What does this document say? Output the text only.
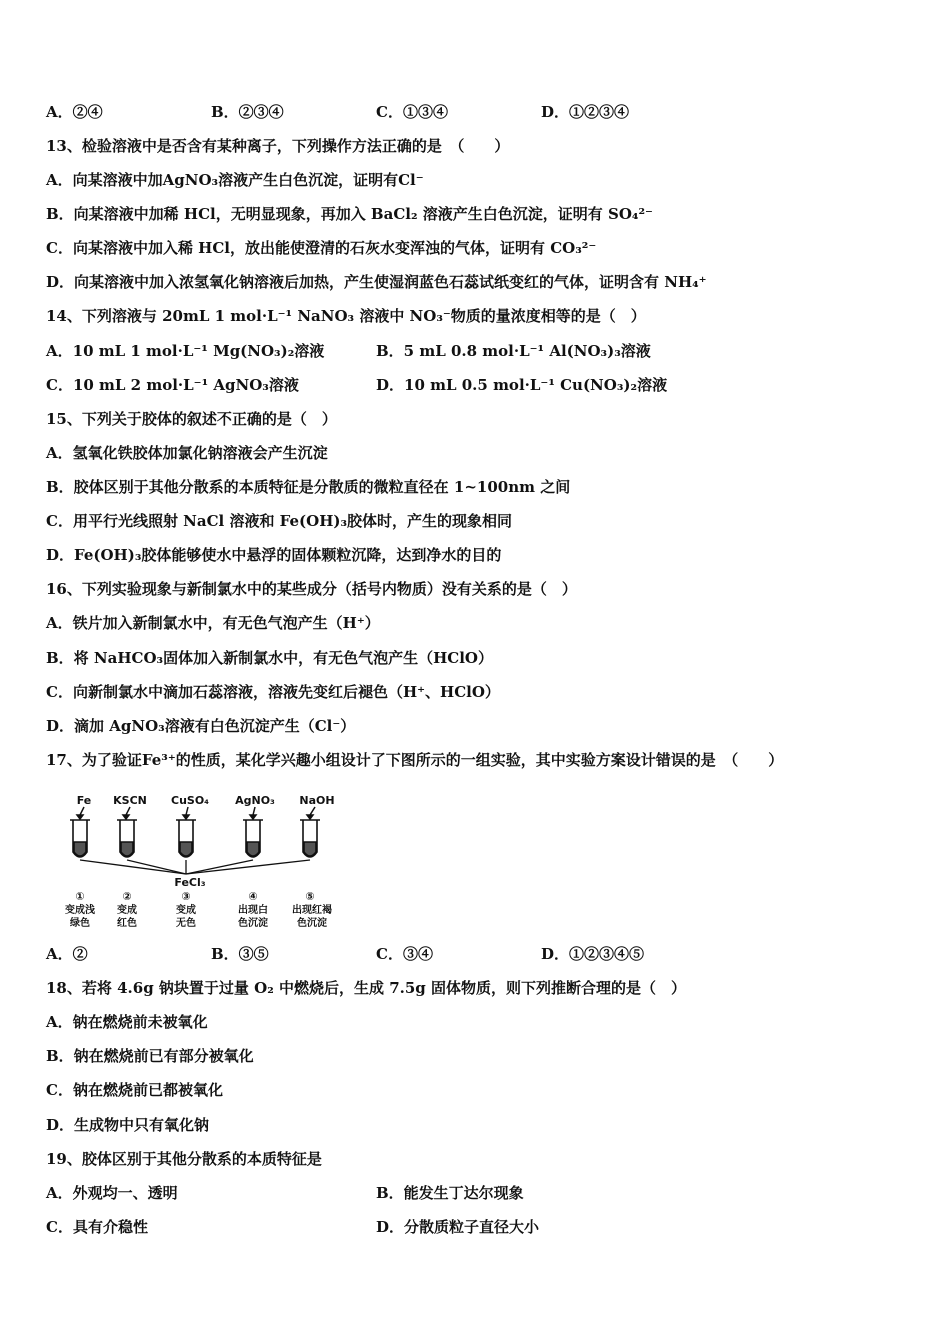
A．②④	B．②③④	C．①③④	D．①②③④
13、检验溶液中是否含有某种离子，下列操作方法正确的是　（　　）
A．向某溶液中加AgNO₃溶液产生白色沉淀，证明有Cl⁻
B．向某溶液中加稀 HCl，无明显现象，再加入 BaCl₂ 溶液产生白色沉淀，证明有 SO₄²⁻
C．向某溶液中加入稀 HCl，放出能使澄清的石灰水变浑浊的气体，证明有 CO₃²⁻
D．向某溶液中加入浓氢氧化钠溶液后加热，产生使湿润蓝色石蕊试纸变红的气体，证明含有 NH₄⁺
14、下列溶液与 20mL 1 mol·L⁻¹ NaNO₃ 溶液中 NO₃⁻物质的量浓度相等的是（　）
A．10 mL 1 mol·L⁻¹ Mg(NO₃)₂溶液	B．5 mL 0.8 mol·L⁻¹ Al(NO₃)₃溶液
C．10 mL 2 mol·L⁻¹ AgNO₃溶液	D．10 mL 0.5 mol·L⁻¹ Cu(NO₃)₂溶液
15、下列关于胶体的叙述不正确的是（　）
A．氢氧化铁胶体加氯化钠溶液会产生沉淀
B．胶体区别于其他分散系的本质特征是分散质的微粒直径在 1~100nm 之间
C．用平行光线照射 NaCl 溶液和 Fe(OH)₃胶体时，产生的现象相同
D．Fe(OH)₃胶体能够使水中悬浮的固体颗粒沉降，达到净水的目的
16、下列实验现象与新制氯水中的某些成分（括号内物质）没有关系的是（　）
A．铁片加入新制氯水中，有无色气泡产生（H⁺）
B．将 NaHCO₃固体加入新制氯水中，有无色气泡产生（HClO）
C．向新制氯水中滴加石蕊溶液，溶液先变红后褪色（H⁺、HClO）
D．滴加 AgNO₃溶液有白色沉淀产生（Cl⁻）
17、为了验证Fe³⁺的性质，某化学兴趣小组设计了下图所示的一组实验，其中实验方案设计错误的是　（　　）
Fe KSCN CuSO₄ AgNO₃ NaOH
FeCl₃
①	②	③	④	⑤
变成浅 变成	变成	出现白 出现红褐
绿色	红色	无色	色沉淀	色沉淀
A．②	B．③⑤	C．③④	D．①②③④⑤
18、若将 4.6g 钠块置于过量 O₂ 中燃烧后，生成 7.5g 固体物质，则下列推断合理的是（　）
A．钠在燃烧前未被氧化
B．钠在燃烧前已有部分被氧化
C．钠在燃烧前已都被氧化
D．生成物中只有氧化钠
19、胶体区别于其他分散系的本质特征是
A．外观均一、透明	B．能发生丁达尔现象
C．具有介稳性	D．分散质粒子直径大小
